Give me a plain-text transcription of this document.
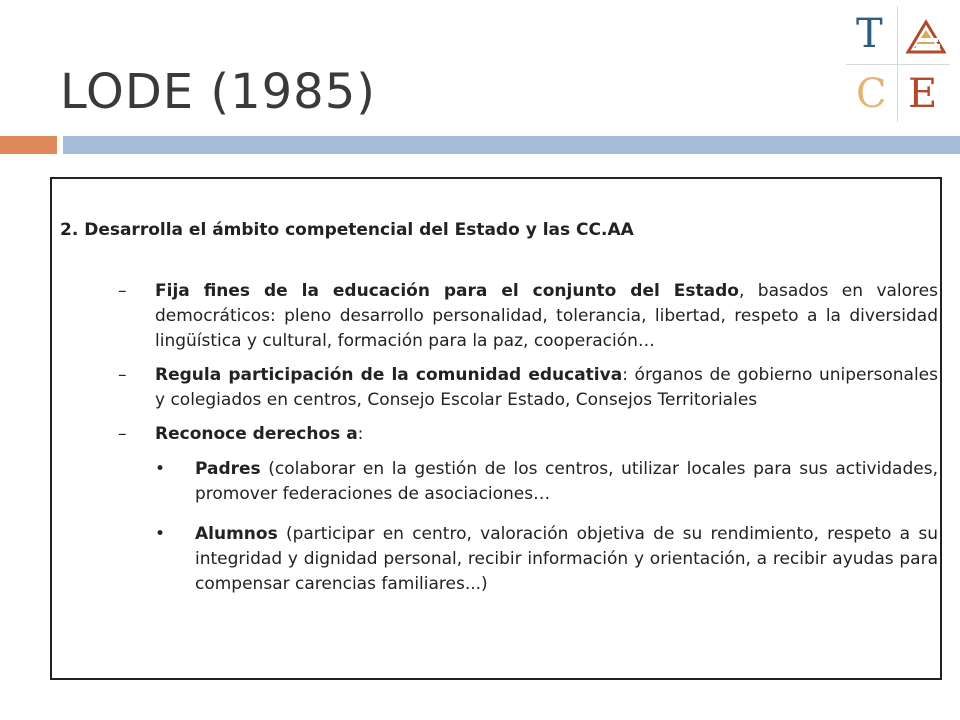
LODE (1985)
T
C E
2. Desarrolla el ámbito competencial del Estado y las CC.AA
– Fija fines de la educación para el conjunto del Estado, basados en valores democráticos: pleno desarrollo personalidad, tolerancia, libertad, respeto a la diversidad lingüística y cultural, formación para la paz, cooperación…
– Regula participación de la comunidad educativa: órganos de gobierno unipersonales y colegiados en centros, Consejo Escolar Estado, Consejos Territoriales
– Reconoce derechos a:
• Padres (colaborar en la gestión de los centros, utilizar locales para sus actividades, promover federaciones de asociaciones…
• Alumnos (participar en centro, valoración objetiva de su rendimiento, respeto a su integridad y dignidad personal, recibir información y orientación, a recibir ayudas para compensar carencias familiares...)
